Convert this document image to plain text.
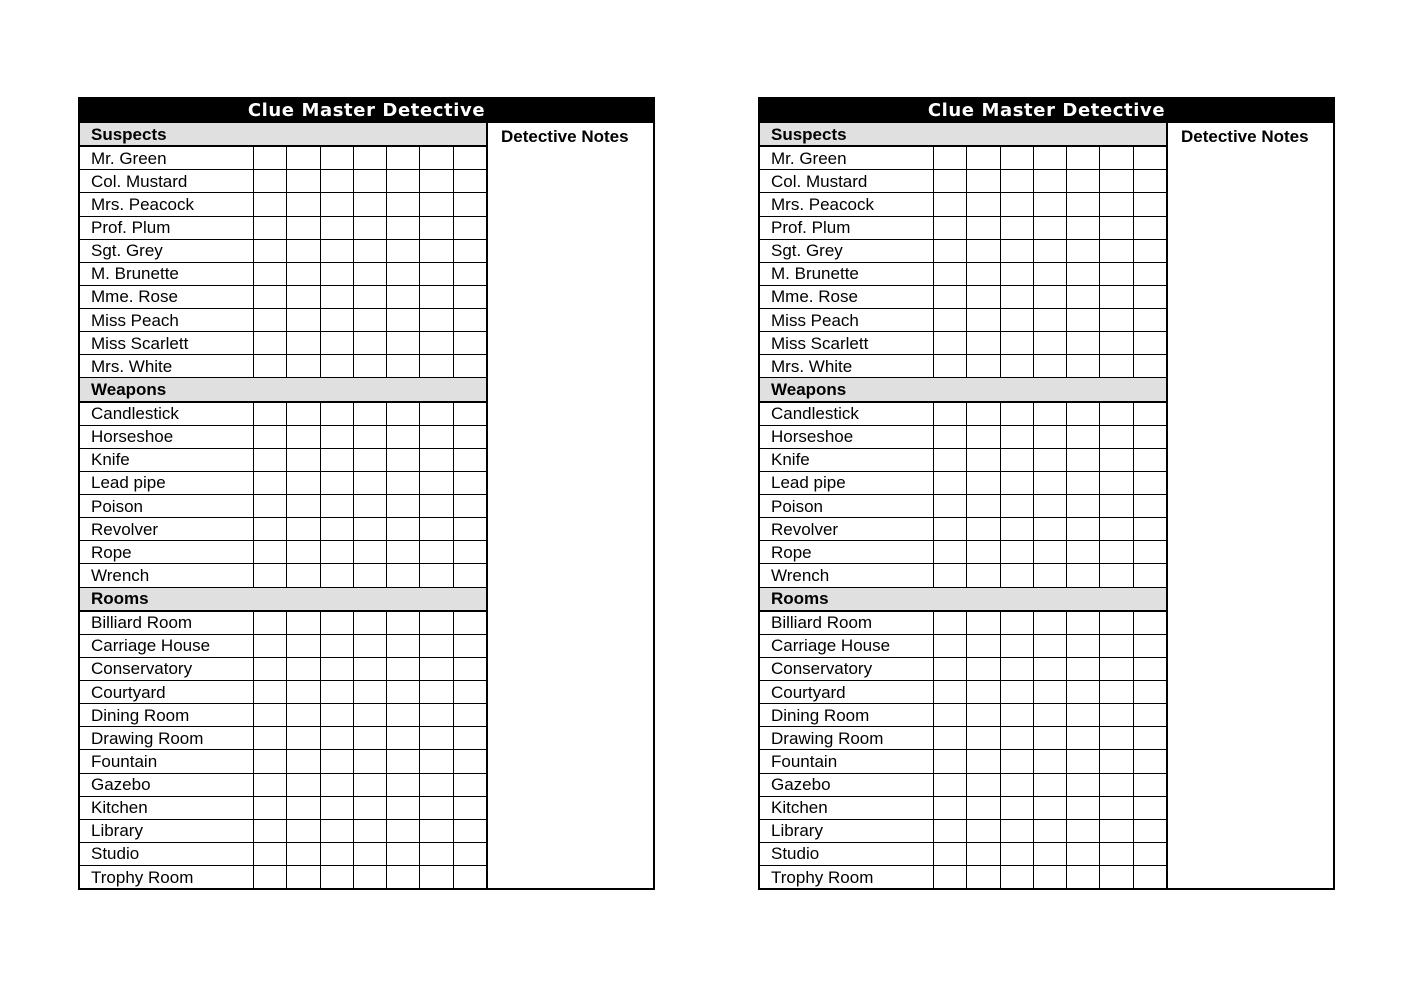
Clue Master Detective
Suspects
Mr. Green
Col. Mustard
Mrs. Peacock
Prof. Plum
Sgt. Grey
M. Brunette
Mme. Rose
Miss Peach
Miss Scarlett
Mrs. White
Weapons
Candlestick
Horseshoe
Knife
Lead pipe
Poison
Revolver
Rope
Wrench
Rooms
Billiard Room
Carriage House
Conservatory
Courtyard
Dining Room
Drawing Room
Fountain
Gazebo
Kitchen
Library
Studio
Trophy Room
Detective Notes
Clue Master Detective
Suspects
Mr. Green
Col. Mustard
Mrs. Peacock
Prof. Plum
Sgt. Grey
M. Brunette
Mme. Rose
Miss Peach
Miss Scarlett
Mrs. White
Weapons
Candlestick
Horseshoe
Knife
Lead pipe
Poison
Revolver
Rope
Wrench
Rooms
Billiard Room
Carriage House
Conservatory
Courtyard
Dining Room
Drawing Room
Fountain
Gazebo
Kitchen
Library
Studio
Trophy Room
Detective Notes
